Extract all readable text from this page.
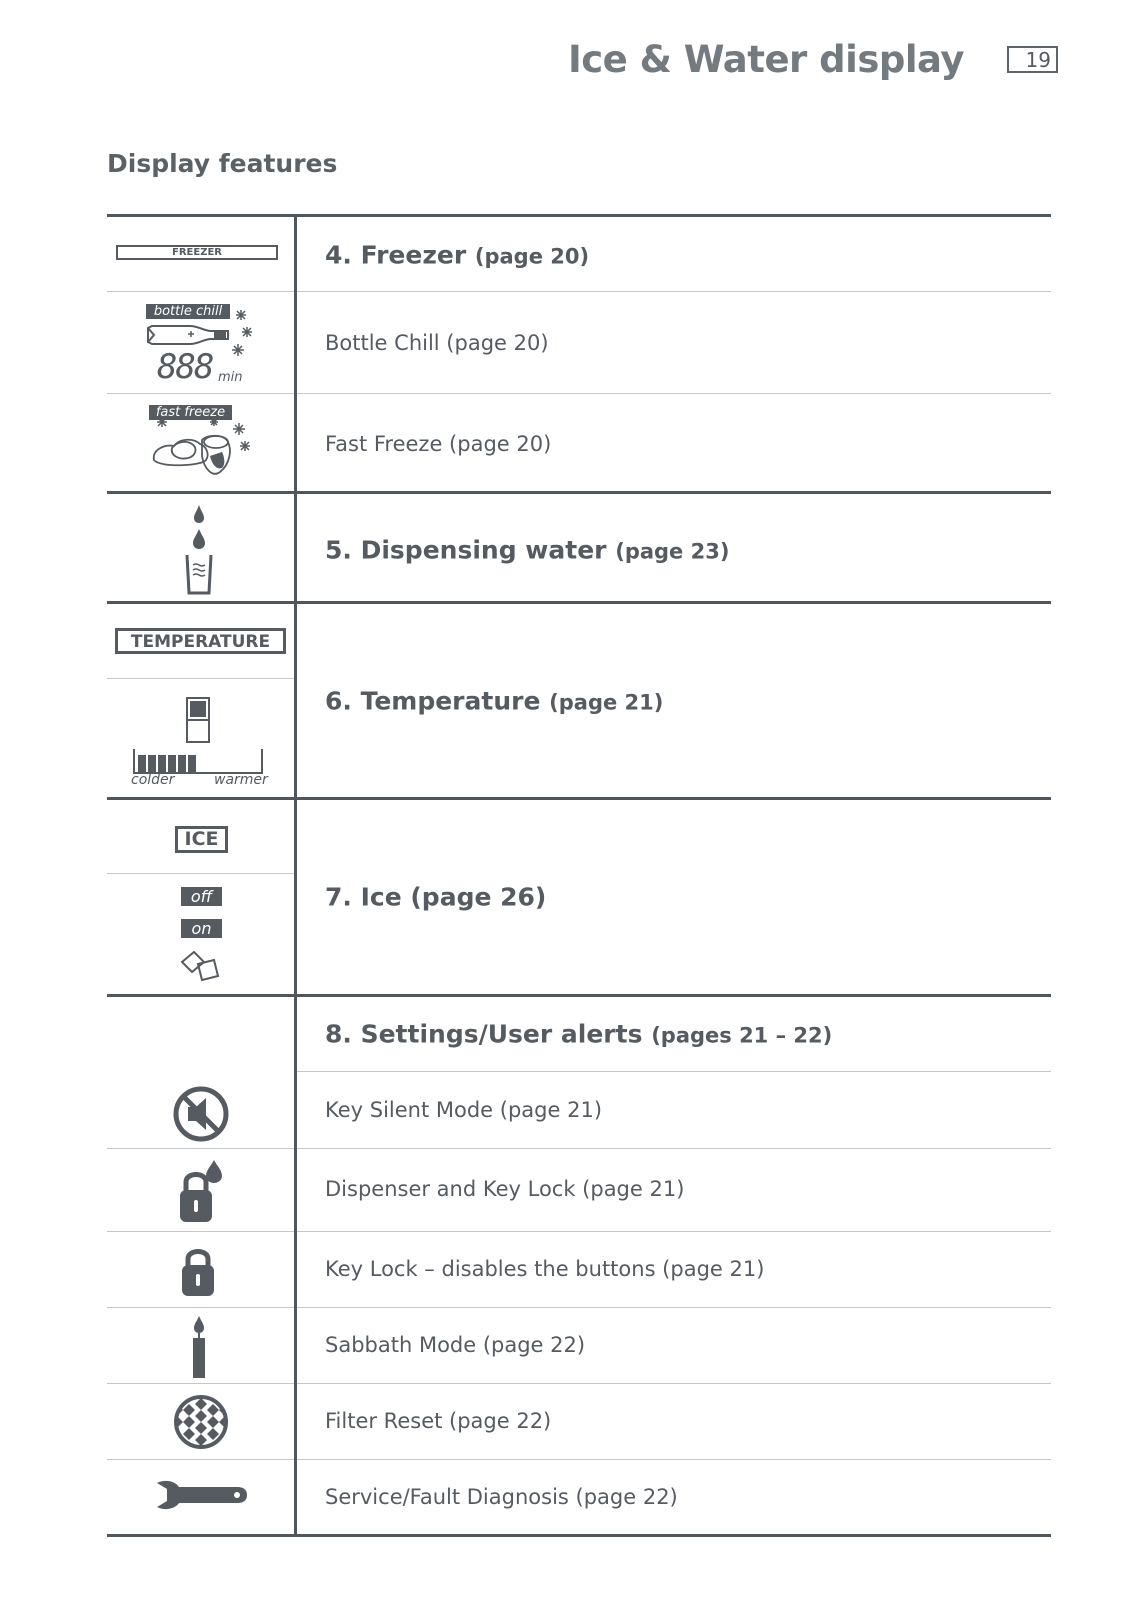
Ice & Water display	19
Display features
4. Freezer (page 20)
Bottle Chill (page 20)
Fast Freeze (page 20)
5. Dispensing water (page 23)
6. Temperature (page 21)
7. Ice (page 26)
8. Settings/User alerts (pages 21 – 22)
Key Silent Mode (page 21)
Dispenser and Key Lock (page 21)
Key Lock – disables the buttons (page 21)
Sabbath Mode (page 22)
Filter Reset (page 22)
Service/Fault Diagnosis (page 22)
FREEZER
bottle chill
888 min
fast freeze
TEMPERATURE
colder	warmer
ICE
off
on
